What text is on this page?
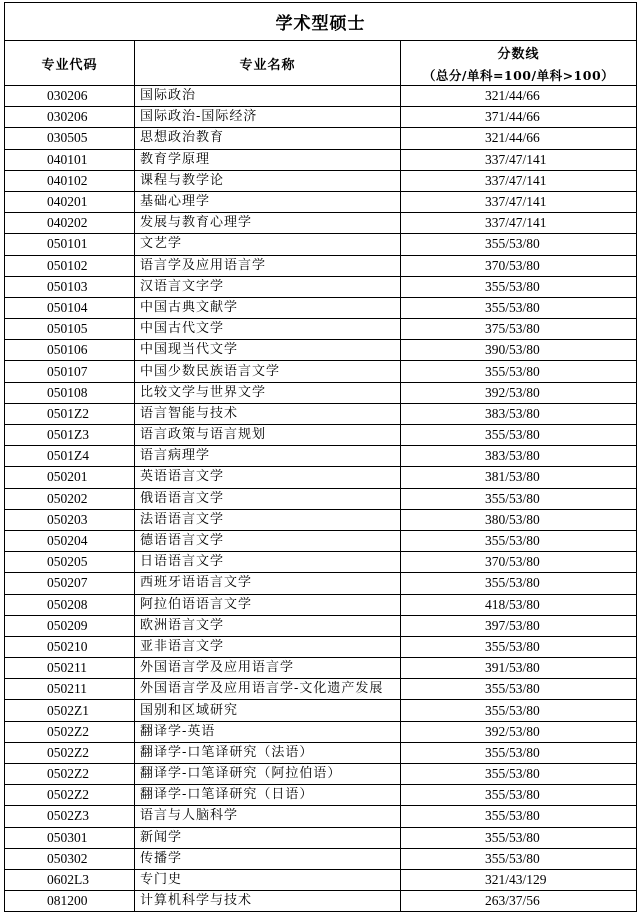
学术型硕士		
专业代码	专业名称	分数线
（总分/单科=100/单科>100）

030206	国际政治	321/44/66
030206	国际政治-国际经济	371/44/66
030505	思想政治教育	321/44/66
040101	教育学原理	337/47/141
040102	课程与教学论	337/47/141
040201	基础心理学	337/47/141
040202	发展与教育心理学	337/47/141
050101	文艺学	355/53/80
050102	语言学及应用语言学	370/53/80
050103	汉语言文字学	355/53/80
050104	中国古典文献学	355/53/80
050105	中国古代文学	375/53/80
050106	中国现当代文学	390/53/80
050107	中国少数民族语言文学	355/53/80
050108	比较文学与世界文学	392/53/80
0501Z2	语言智能与技术	383/53/80
0501Z3	语言政策与语言规划	355/53/80
0501Z4	语言病理学	383/53/80
050201	英语语言文学	381/53/80
050202	俄语语言文学	355/53/80
050203	法语语言文学	380/53/80
050204	德语语言文学	355/53/80
050205	日语语言文学	370/53/80
050207	西班牙语语言文学	355/53/80
050208	阿拉伯语语言文学	418/53/80
050209	欧洲语言文学	397/53/80
050210	亚非语言文学	355/53/80
050211	外国语言学及应用语言学	391/53/80
050211	外国语言学及应用语言学-文化遗产发展	355/53/80
0502Z1	国别和区域研究	355/53/80
0502Z2	翻译学-英语	392/53/80
0502Z2	翻译学-口笔译研究（法语）	355/53/80
0502Z2	翻译学-口笔译研究（阿拉伯语）	355/53/80
0502Z2	翻译学-口笔译研究（日语）	355/53/80
0502Z3	语言与人脑科学	355/53/80
050301	新闻学	355/53/80
050302	传播学	355/53/80
0602L3	专门史	321/43/129
081200	计算机科学与技术	263/37/56
